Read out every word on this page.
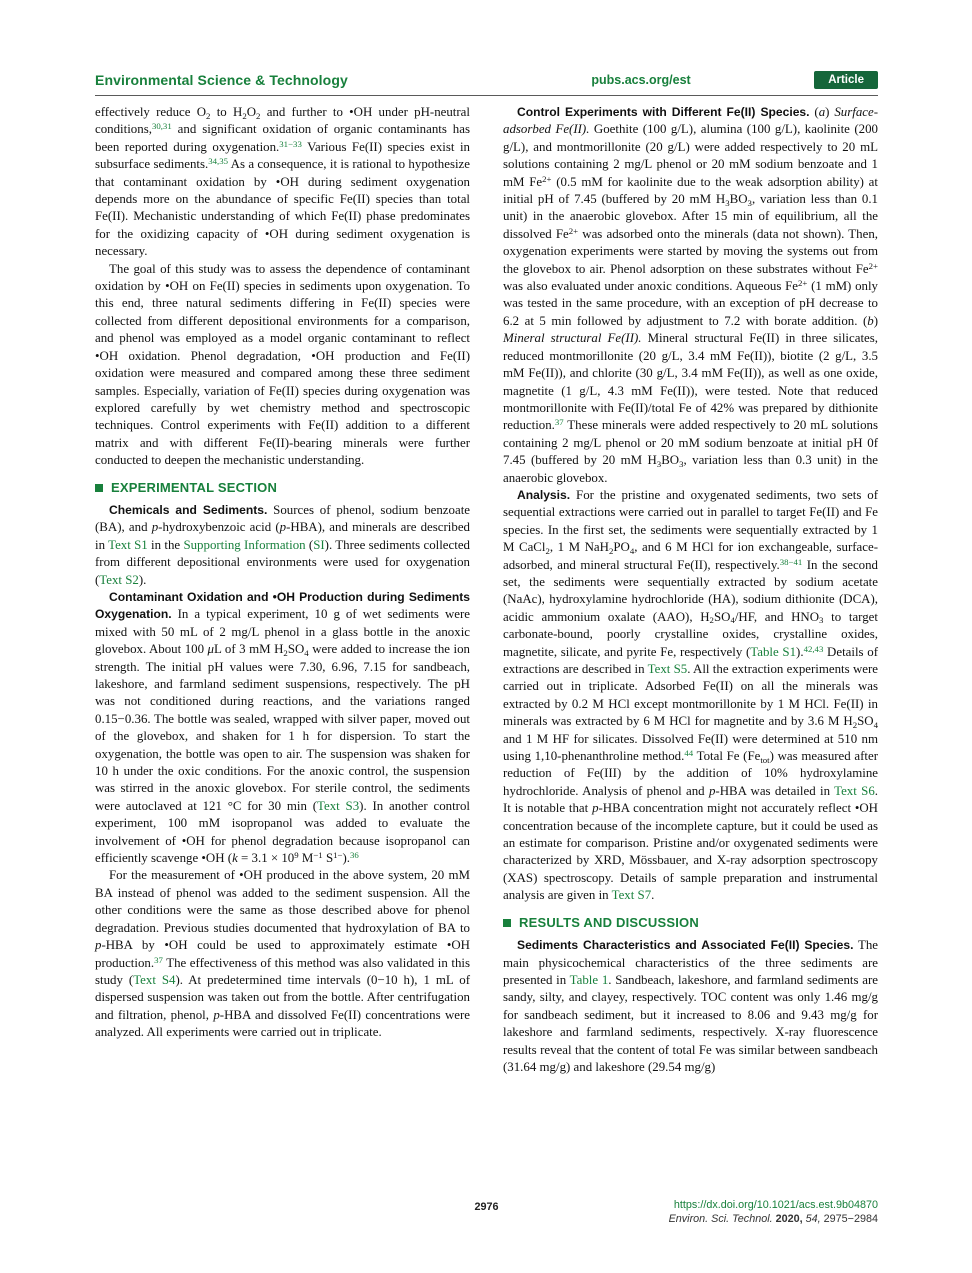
Environmental Science & Technology	pubs.acs.org/est	Article

effectively reduce O2 to H2O2 and further to •OH under pH-neutral conditions,$^{30,31}$ and significant oxidation of organic contaminants has been reported during oxygenation.$^{31-33}$ Various Fe(II) species exist in subsurface sediments.$^{34,35}$ As a consequence, it is rational to hypothesize that contaminant oxidation by •OH during sediment oxygenation depends more on the abundance of specific Fe(II) species than total Fe(II). Mechanistic understanding of which Fe(II) phase predominates for the oxidizing capacity of •OH during sediment oxygenation is necessary.

The goal of this study was to assess the dependence of contaminant oxidation by •OH on Fe(II) species in sediments upon oxygenation. To this end, three natural sediments differing in Fe(II) species were collected from different depositional environments for a comparison, and phenol was employed as a model organic contaminant to reflect •OH oxidation. Phenol degradation, •OH production and Fe(II) oxidation were measured and compared among these three sediment samples. Especially, variation of Fe(II) species during oxygenation was explored carefully by wet chemistry method and spectroscopic techniques. Control experiments with Fe(II) addition to a different matrix and with different Fe(II)-bearing minerals were further conducted to deepen the mechanistic understanding.

EXPERIMENTAL SECTION

Chemicals and Sediments. Sources of phenol, sodium benzoate (BA), and p-hydroxybenzoic acid (p-HBA), and minerals are described in Text S1 in the Supporting Information (SI). Three sediments collected from different depositional environments were used for oxygenation (Text S2).

Contaminant Oxidation and •OH Production during Sediments Oxygenation. In a typical experiment, 10 g of wet sediments were mixed with 50 mL of 2 mg/L phenol in a glass bottle in the anoxic glovebox. About 100 μL of 3 mM H2SO4 were added to increase the ion strength. The initial pH values were 7.30, 6.96, 7.15 for sandbeach, lakeshore, and farmland sediment suspensions, respectively. The pH was not conditioned during reactions, and the variations ranged 0.15−0.36. The bottle was sealed, wrapped with silver paper, moved out of the glovebox, and shaken for 1 h for dispersion. To start the oxygenation, the bottle was open to air. The suspension was shaken for 10 h under the oxic conditions. For the anoxic control, the suspension was stirred in the anoxic glovebox. For sterile control, the sediments were autoclaved at 121 °C for 30 min (Text S3). In another control experiment, 100 mM isopropanol was added to evaluate the involvement of •OH for phenol degradation because isopropanol can efficiently scavenge •OH ($k = 3.1 \times 10^9$ $M^{-1}$ $S^{1-}).^{36}$

For the measurement of •OH produced in the above system, 20 mM BA instead of phenol was added to the sediment suspension. All the other conditions were the same as those described above for phenol degradation. Previous studies documented that hydroxylation of BA to p-HBA by •OH could be used to approximately estimate •OH production.$^{37}$ The effectiveness of this method was also validated in this study (Text S4). At predetermined time intervals (0−10 h), 1 mL of dispersed suspension was taken out from the bottle. After centrifugation and filtration, phenol, p-HBA and dissolved Fe(II) concentrations were analyzed. All experiments were carried out in triplicate.

Control Experiments with Different Fe(II) Species. (a) Surface-adsorbed Fe(II). Goethite (100 g/L), alumina (100 g/L), kaolinite (200 g/L), and montmorillonite (20 g/L) were added respectively to 20 mL solutions containing 2 mg/L phenol or 20 mM sodium benzoate and 1 mM $Fe^{2+}$ (0.5 mM for kaolinite due to the weak adsorption ability) at initial pH of 7.45 (buffered by 20 mM H3BO3, variation less than 0.1 unit) in the anaerobic glovebox. After 15 min of equilibrium, all the dissolved $Fe^{2+}$ was adsorbed onto the minerals (data not shown). Then, oxygenation experiments were started by moving the systems out from the glovebox to air. Phenol adsorption on these substrates without $Fe^{2+}$ was also evaluated under anoxic conditions. Aqueous $Fe^{2+}$ (1 mM) only was tested in the same procedure, with an exception of pH decrease to 6.2 at 5 min followed by adjustment to 7.2 with borate addition. (b) Mineral structural Fe(II). Mineral structural Fe(II) in three silicates, reduced montmorillonite (20 g/L, 3.4 mM Fe(II)), biotite (2 g/L, 3.5 mM Fe(II)), and chlorite (30 g/L, 3.4 mM Fe(II)), as well as one oxide, magnetite (1 g/L, 4.3 mM Fe(II)), were tested. Note that reduced montmorillonite with Fe(II)/total Fe of 42% was prepared by dithionite reduction.$^{37}$ These minerals were added respectively to 20 mL solutions containing 2 mg/L phenol or 20 mM sodium benzoate at initial pH 0f 7.45 (buffered by 20 mM H3BO3, variation less than 0.3 unit) in the anaerobic glovebox.

Analysis. For the pristine and oxygenated sediments, two sets of sequential extractions were carried out in parallel to target Fe(II) and Fe species. In the first set, the sediments were sequentially extracted by 1 M CaCl2, 1 M NaH2PO4, and 6 M HCl for ion exchangeable, surface-adsorbed, and mineral structural Fe(II), respectively.$^{38-41}$ In the second set, the sediments were sequentially extracted by sodium acetate (NaAc), hydroxylamine hydrochloride (HA), sodium dithionite (DCA), acidic ammonium oxalate (AAO), H2SO4/HF, and HNO3 to target carbonate-bound, poorly crystalline oxides, crystalline oxides, magnetite, silicate, and pyrite Fe, respectively (Table S1).$^{42,43}$ Details of extractions are described in Text S5. All the extraction experiments were carried out in triplicate. Adsorbed Fe(II) on all the minerals was extracted by 0.2 M HCl except montmorillonite by 1 M HCl. Fe(II) in minerals was extracted by 6 M HCl for magnetite and by 3.6 M H2SO4 and 1 M HF for silicates. Dissolved Fe(II) were determined at 510 nm using 1,10-phenanthroline method.$^{44}$ Total Fe (Fetot) was measured after reduction of Fe(III) by the addition of 10% hydroxylamine hydrochloride. Analysis of phenol and p-HBA was detailed in Text S6. It is notable that p-HBA concentration might not accurately reflect •OH concentration because of the incomplete capture, but it could be used as an estimate for comparison. Pristine and/or oxygenated sediments were characterized by XRD, Mössbauer, and X-ray adsorption spectroscopy (XAS) spectroscopy. Details of sample preparation and instrumental analysis are given in Text S7.

RESULTS AND DISCUSSION

Sediments Characteristics and Associated Fe(II) Species. The main physicochemical characteristics of the three sediments are presented in Table 1. Sandbeach, lakeshore, and farmland sediments are sandy, silty, and clayey, respectively. TOC content was only 1.46 mg/g for sandbeach sediment, but it increased to 8.06 and 9.43 mg/g for lakeshore and farmland sediments, respectively. X-ray fluorescence results reveal that the content of total Fe was similar between sandbeach (31.64 mg/g) and lakeshore (29.54 mg/g)

2976	https://dx.doi.org/10.1021/acs.est.9b04870
Environ. Sci. Technol. 2020, 54, 2975−2984
